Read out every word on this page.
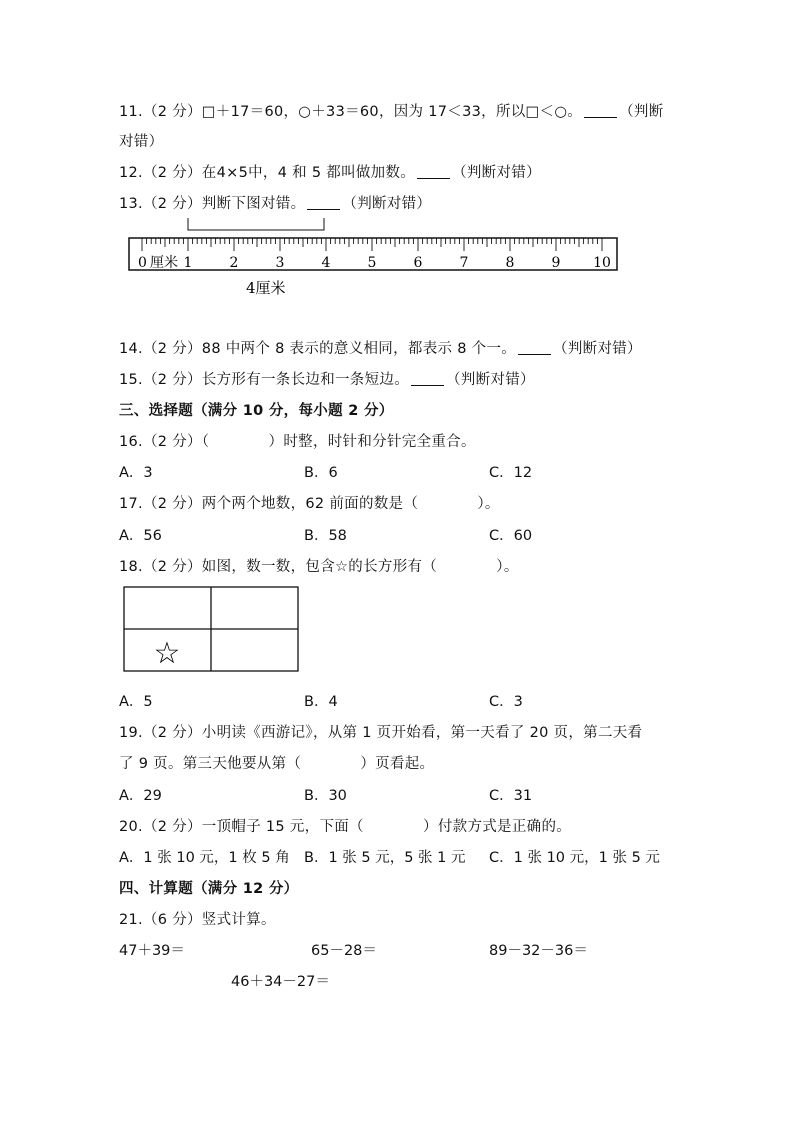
11.（2 分）□＋17＝60，○＋33＝60，因为 17＜33，所以□＜○。	（判断
对错）
12.（2 分）在4×5中，4 和 5 都叫做加数。	（判断对错）
13.（2 分）判断下图对错。	（判断对错）
0	1	2	3	4	5	6	7	8	9 10
厘米
4厘米
14.（2 分）88 中两个 8 表示的意义相同，都表示 8 个一。	（判断对错）
15.（2 分）长方形有一条长边和一条短边。	（判断对错）
三、选择题（满分 10 分，每小题 2 分）
16.（2 分）（　　　　）时整，时针和分针完全重合。
A．3	B．6	C．12
17.（2 分）两个两个地数，62 前面的数是（　　　　）。
A．56	B．58	C．60
18.（2 分）如图，数一数，包含☆的长方形有（　　　　）。
☆
A．5	B．4	C．3
19.（2 分）小明读《西游记》，从第 1 页开始看，第一天看了 20 页，第二天看
了 9 页。第三天他要从第（　　　　）页看起。
A．29	B．30	C．31
20.（2 分）一顶帽子 15 元，下面（　　　　）付款方式是正确的。
A．1 张 10 元，1 枚 5 角 B．1 张 5 元，5 张 1 元 C．1 张 10 元，1 张 5 元
四、计算题（满分 12 分）
21.（6 分）竖式计算。
47＋39＝	65－28＝	89－32－36＝
46＋34－27＝
